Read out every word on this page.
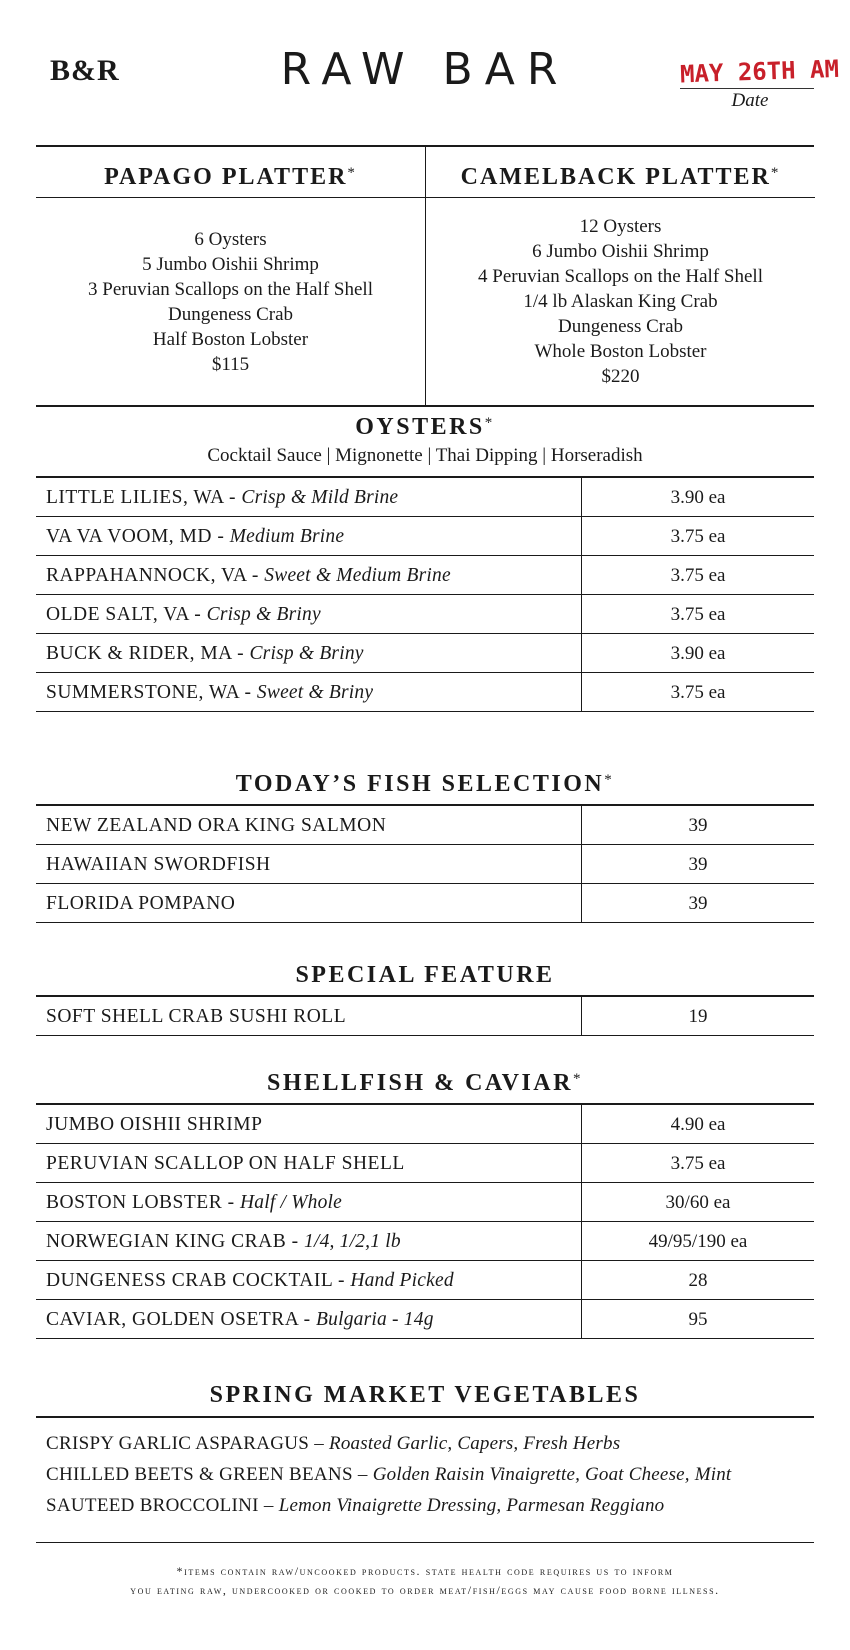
B&R	RAW BAR	MAY 26TH AM
Date
PAPAGO PLATTER*
6 Oysters
5 Jumbo Oishii Shrimp
3 Peruvian Scallops on the Half Shell
Dungeness Crab
Half Boston Lobster
$115
CAMELBACK PLATTER*
12 Oysters
6 Jumbo Oishii Shrimp
4 Peruvian Scallops on the Half Shell
1/4 lb Alaskan King Crab
Dungeness Crab
Whole Boston Lobster
$220
OYSTERS*
Cocktail Sauce | Mignonette | Thai Dipping | Horseradish
LITTLE LILIES, WA - Crisp & Mild Brine	3.90 ea
VA VA VOOM, MD - Medium Brine	3.75 ea
RAPPAHANNOCK, VA - Sweet & Medium Brine	3.75 ea
OLDE SALT, VA - Crisp & Briny	3.75 ea
BUCK & RIDER, MA - Crisp & Briny	3.90 ea
SUMMERSTONE, WA - Sweet & Briny	3.75 ea
TODAY’S FISH SELECTION*
NEW ZEALAND ORA KING SALMON	39
HAWAIIAN SWORDFISH	39
FLORIDA POMPANO	39
SPECIAL FEATURE
SOFT SHELL CRAB SUSHI ROLL	19
SHELLFISH & CAVIAR*
JUMBO OISHII SHRIMP	4.90 ea
PERUVIAN SCALLOP ON HALF SHELL	3.75 ea
BOSTON LOBSTER - Half / Whole	30/60 ea
NORWEGIAN KING CRAB - 1/4, 1/2,1 lb	49/95/190 ea
DUNGENESS CRAB COCKTAIL - Hand Picked	28
CAVIAR, GOLDEN OSETRA - Bulgaria - 14g	95
SPRING MARKET VEGETABLES
CRISPY GARLIC ASPARAGUS – Roasted Garlic, Capers, Fresh Herbs
CHILLED BEETS & GREEN BEANS – Golden Raisin Vinaigrette, Goat Cheese, Mint
SAUTEED BROCCOLINI – Lemon Vinaigrette Dressing, Parmesan Reggiano
*items contain raw/uncooked products. state health code requires us to inform
you eating raw, undercooked or cooked to order meat/fish/eggs may cause food borne illness.
